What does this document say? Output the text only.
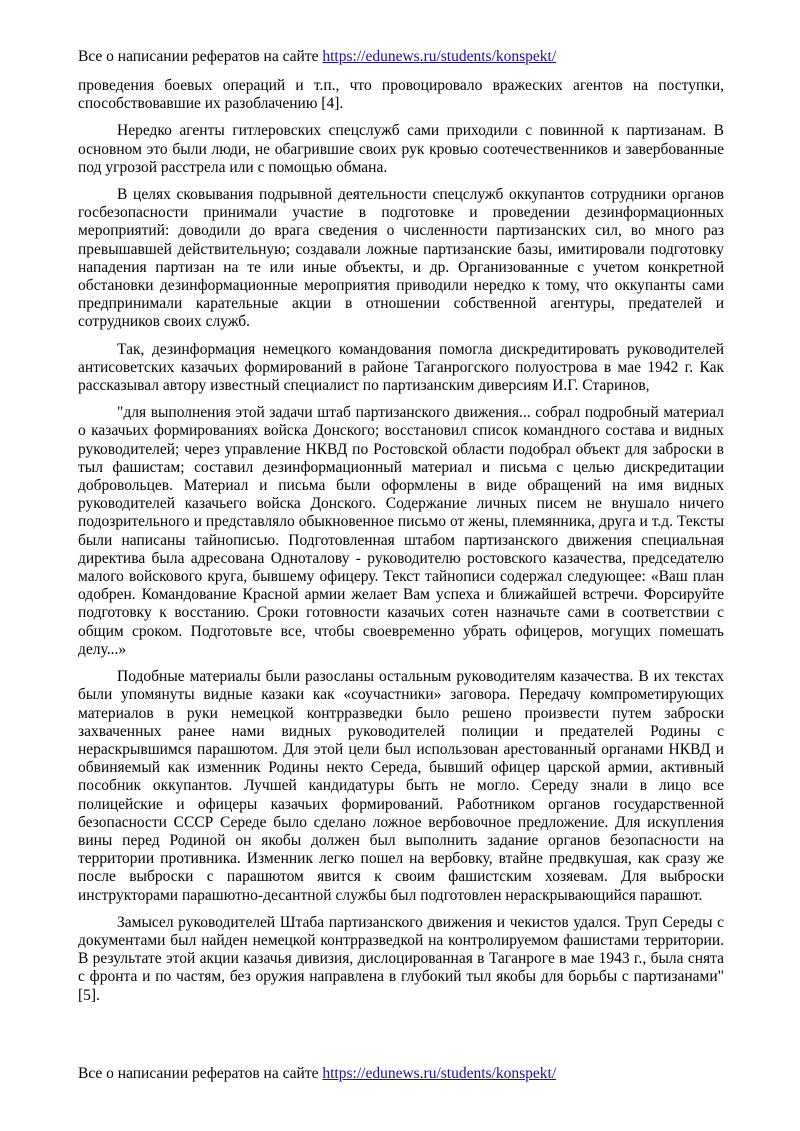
Все о написании рефератов на сайте https://edunews.ru/students/konspekt/

проведения боевых операций и т.п., что провоцировало вражеских агентов на поступки, способствовавшие их разоблачению [4].

Нередко агенты гитлеровских спецслужб сами приходили с повинной к партизанам. В основном это были люди, не обагрившие своих рук кровью соотечественников и завербованные под угрозой расстрела или с помощью обмана.

В целях сковывания подрывной деятельности спецслужб оккупантов сотрудники органов госбезопасности принимали участие в подготовке и проведении дезинформационных мероприятий: доводили до врага сведения о численности партизанских сил, во много раз превышавшей действительную; создавали ложные партизанские базы, имитировали подготовку нападения партизан на те или иные объекты, и др. Организованные с учетом конкретной обстановки дезинформационные мероприятия приводили нередко к тому, что оккупанты сами предпринимали карательные акции в отношении собственной агентуры, предателей и сотрудников своих служб.

Так, дезинформация немецкого командования помогла дискредитировать руководителей антисоветских казачьих формирований в районе Таганрогского полуострова в мае 1942 г. Как рассказывал автору известный специалист по партизанским диверсиям И.Г. Старинов,

"для выполнения этой задачи штаб партизанского движения... собрал подробный материал о казачьих формированиях войска Донского; восстановил список командного состава и видных руководителей; через управление НКВД по Ростовской области подобрал объект для заброски в тыл фашистам; составил дезинформационный материал и письма с целью дискредитации добровольцев. Материал и письма были оформлены в виде обращений на имя видных руководителей казачьего войска Донского. Содержание личных писем не внушало ничего подозрительного и представляло обыкновенное письмо от жены, племянника, друга и т.д. Тексты были написаны тайнописью. Подготовленная штабом партизанского движения специальная директива была адресована Одноталову - руководителю ростовского казачества, председателю малого войскового круга, бывшему офицеру. Текст тайнописи содержал следующее: «Ваш план одобрен. Командование Красной армии желает Вам успеха и ближайшей встречи. Форсируйте подготовку к восстанию. Сроки готовности казачьих сотен назначьте сами в соответствии с общим сроком. Подготовьте все, чтобы своевременно убрать офицеров, могущих помешать делу...»

Подобные материалы были разосланы остальным руководителям казачества. В их текстах были упомянуты видные казаки как «соучастники» заговора. Передачу компрометирующих материалов в руки немецкой контрразведки было решено произвести путем заброски захваченных ранее нами видных руководителей полиции и предателей Родины с нераскрывшимся парашютом. Для этой цели был использован арестованный органами НКВД и обвиняемый как изменник Родины некто Середа, бывший офицер царской армии, активный пособник оккупантов. Лучшей кандидатуры быть не могло. Середу знали в лицо все полицейские и офицеры казачьих формирований. Работником органов государственной безопасности СССР Середе было сделано ложное вербовочное предложение. Для искупления вины перед Родиной он якобы должен был выполнить задание органов безопасности на территории противника. Изменник легко пошел на вербовку, втайне предвкушая, как сразу же после выброски с парашютом явится к своим фашистским хозяевам. Для выброски инструкторами парашютно-десантной службы был подготовлен нераскрывающийся парашют.

Замысел руководителей Штаба партизанского движения и чекистов удался. Труп Середы с документами был найден немецкой контрразведкой на контролируемом фашистами территории. В результате этой акции казачья дивизия, дислоцированная в Таганроге в мае 1943 г., была снята с фронта и по частям, без оружия направлена в глубокий тыл якобы для борьбы с партизанами" [5].

Все о написании рефератов на сайте https://edunews.ru/students/konspekt/
